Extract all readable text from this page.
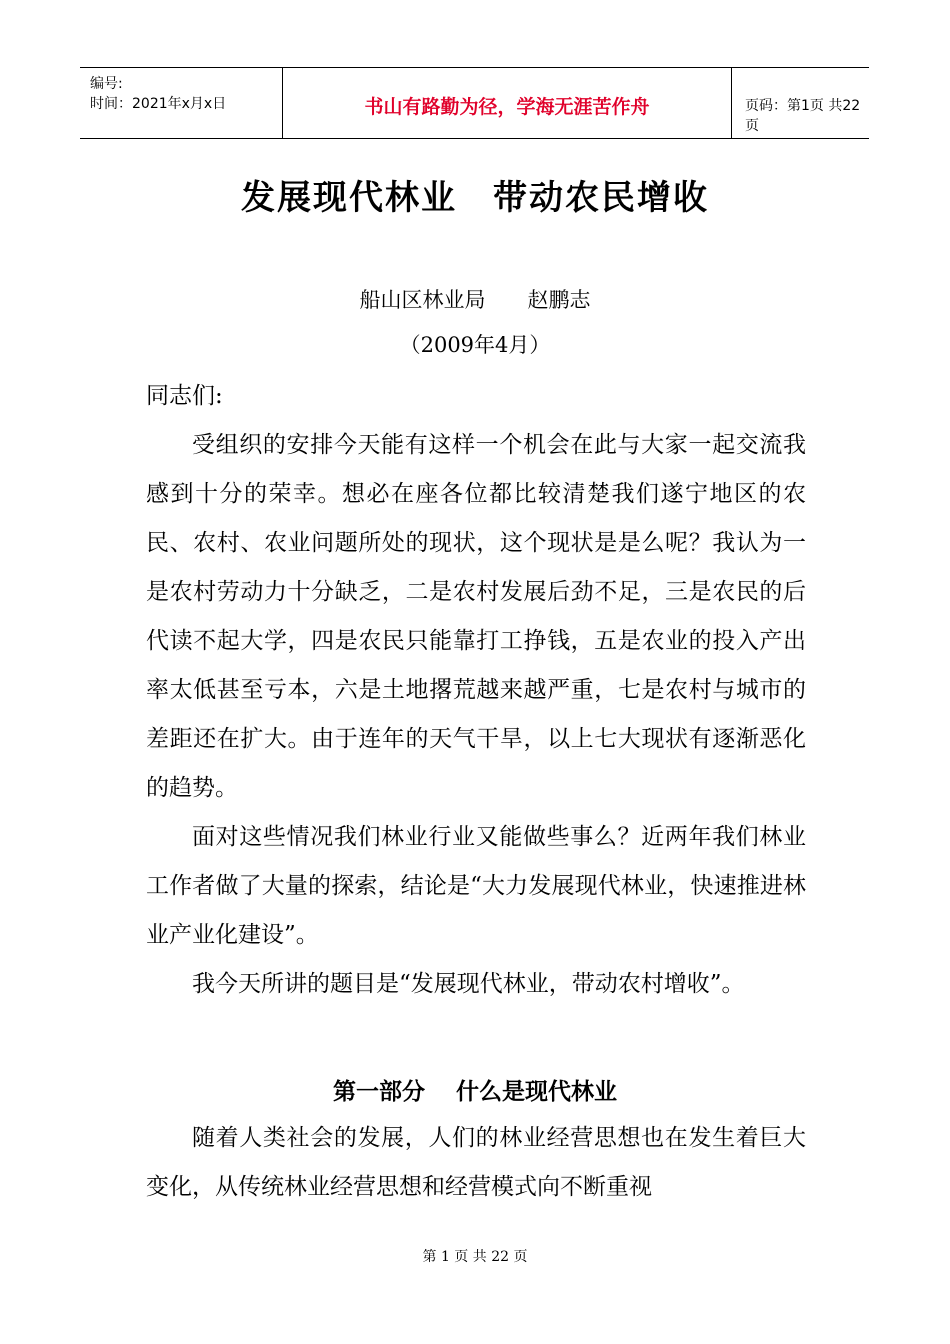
编号:
时间：2021年x月x日	书山有路勤为径，学海无涯苦作舟	页码：第1页 共22页
发展现代林业　带动农民增收
船山区林业局　　赵鹏志
（2009年4月）
同志们:

受组织的安排今天能有这样一个机会在此与大家一起交流我感到十分的荣幸。想必在座各位都比较清楚我们遂宁地区的农民、农村、农业问题所处的现状，这个现状是是么呢？我认为一是农村劳动力十分缺乏，二是农村发展后劲不足，三是农民的后代读不起大学，四是农民只能靠打工挣钱，五是农业的投入产出率太低甚至亏本，六是土地撂荒越来越严重，七是农村与城市的差距还在扩大。由于连年的天气干旱，以上七大现状有逐渐恶化的趋势。

面对这些情况我们林业行业又能做些事么？近两年我们林业工作者做了大量的探索，结论是“大力发展现代林业，快速推进林业产业化建设”。

我今天所讲的题目是“发展现代林业，带动农村增收”。

第一部分　 什么是现代林业

随着人类社会的发展，人们的林业经营思想也在发生着巨大变化，从传统林业经营思想和经营模式向不断重视

第 1 页 共 22 页
